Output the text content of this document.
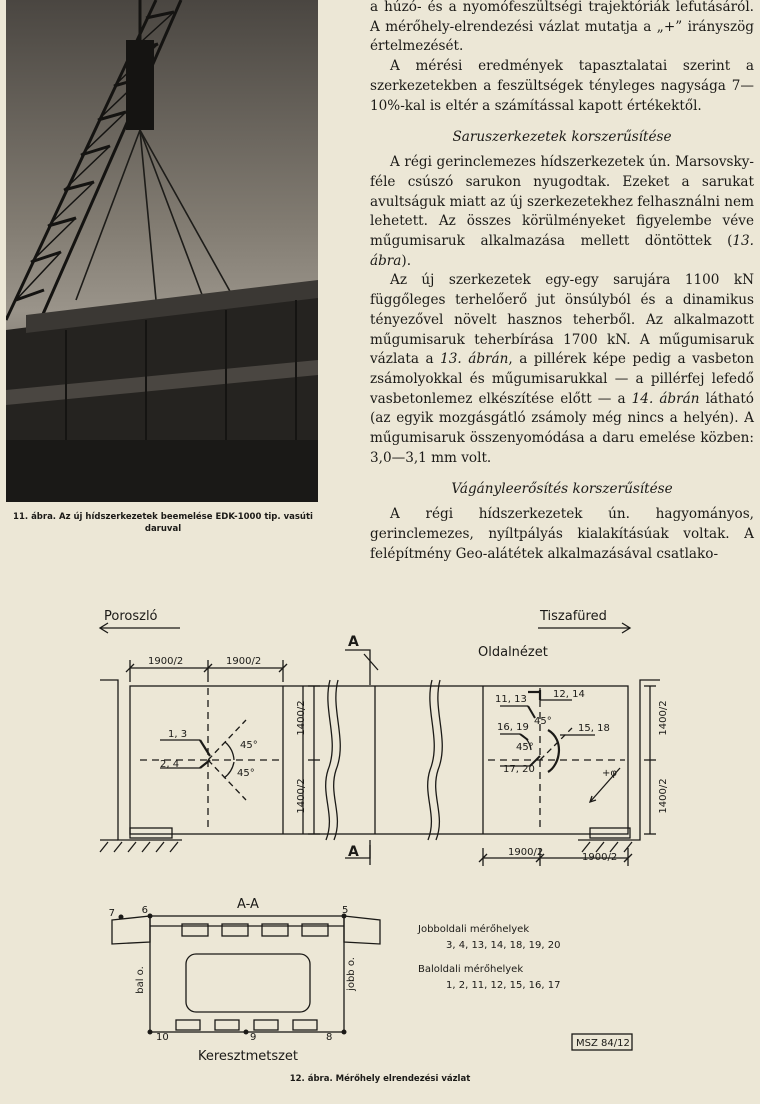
11. ábra. Az új hídszerkezetek beemelése EDK-1000 tip. vasúti daruval

a húzó- és a nyomófeszültségi trajektóriák lefutásáról. A mérőhely-elrendezési vázlat mutatja a „+” irányszög értelmezését.

A mérési eredmények tapasztalatai szerint a szerkezetekben a feszültségek tényleges nagysága 7—10%-kal is eltér a számítással kapott értékektől.

Saruszerkezetek korszerűsítése

A régi gerinclemezes hídszerkezetek ún. Marsovsky-féle csúszó sarukon nyugodtak. Ezeket a sarukat avultságuk miatt az új szerkezetekhez felhasználni nem lehetett. Az összes körülményeket figyelembe véve műgumisaruk alkalmazása mellett döntöttek (13. ábra).

Az új szerkezetek egy-egy sarujára 1100 kN függőleges terhelőerő jut önsúlyból és a dinamikus tényezővel növelt hasznos teherből. Az alkalmazott műgumisaruk teherbírása 1700 kN. A műgumisaruk vázlata a 13. ábrán, a pillérek képe pedig a vasbeton zsámolyokkal és műgumisarukkal — a pillérfej lefedő vasbetonlemez elkészítése előtt — a 14. ábrán látható (az egyik mozgásgátló zsámoly még nincs a helyén). A műgumisaruk összenyomódása a daru emelése közben: 3,0—3,1 mm volt.

Vágányleerősítés korszerűsítése

A régi hídszerkezetek ún. hagyományos, gerinclemezes, nyíltpályás kialakításúak voltak. A felépítmény Geo-alátétek alkalmazásával csatlako-

Poroszló	Tiszafüred
A
A
Oldalnézet
1900/2	1900/2
1900/2	1900/2
1400/2
1400/2
1400/2
1400/2
1, 3
2, 4
45°
45°
11, 13	12, 14
16, 19	15, 18
17, 20
45°
45°
+φ
A-A
Keresztmetszet
bal o.	jobb o.
7	6	5
10	9	8
Jobboldali mérőhelyek
3, 4, 13, 14, 18, 19, 20
Baloldali mérőhelyek
1, 2, 11, 12, 15, 16, 17
MSZ 84/12
12. ábra. Mérőhely elrendezési vázlat
